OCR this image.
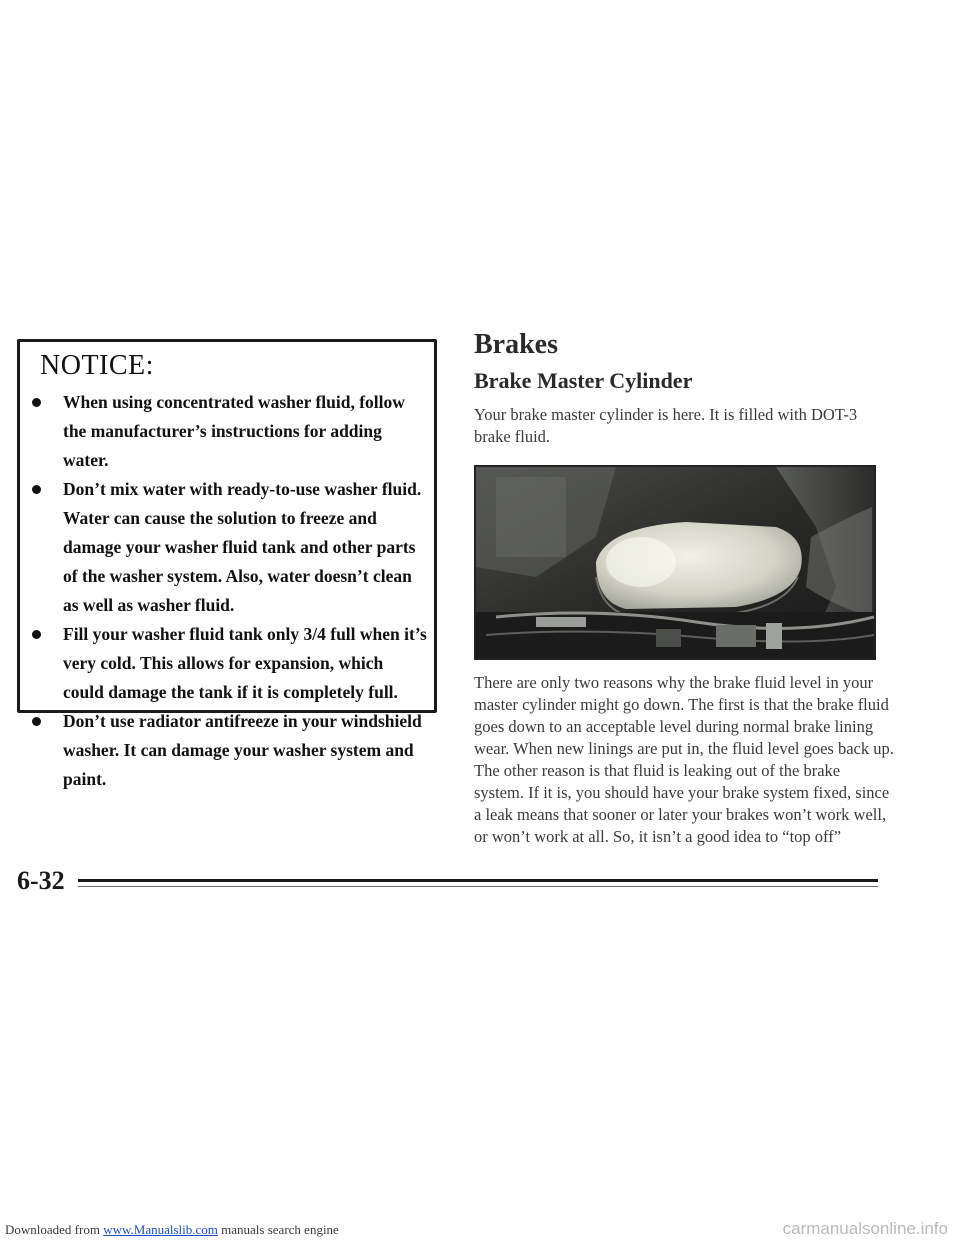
NOTICE:
When using concentrated washer fluid, follow the manufacturer’s instructions for adding water.
Don’t mix water with ready-to-use washer fluid. Water can cause the solution to freeze and damage your washer fluid tank and other parts of the washer system. Also, water doesn’t clean as well as washer fluid.
Fill your washer fluid tank only 3/4 full when it’s very cold. This allows for expansion, which could damage the tank if it is completely full.
Don’t use radiator antifreeze in your windshield washer. It can damage your washer system and paint.
Brakes
Brake Master Cylinder
Your brake master cylinder is here. It is filled with DOT-3 brake fluid.
There are only two reasons why the brake fluid level in your master cylinder might go down. The first is that the brake fluid goes down to an acceptable level during normal brake lining wear. When new linings are put in, the fluid level goes back up. The other reason is that fluid is leaking out of the brake system. If it is, you should have your brake system fixed, since a leak means that sooner or later your brakes won’t work well, or won’t work at all. So, it isn’t a good idea to “top off”
6-32
Downloaded from www.Manualslib.com manuals search engine	carmanualsonline.info
